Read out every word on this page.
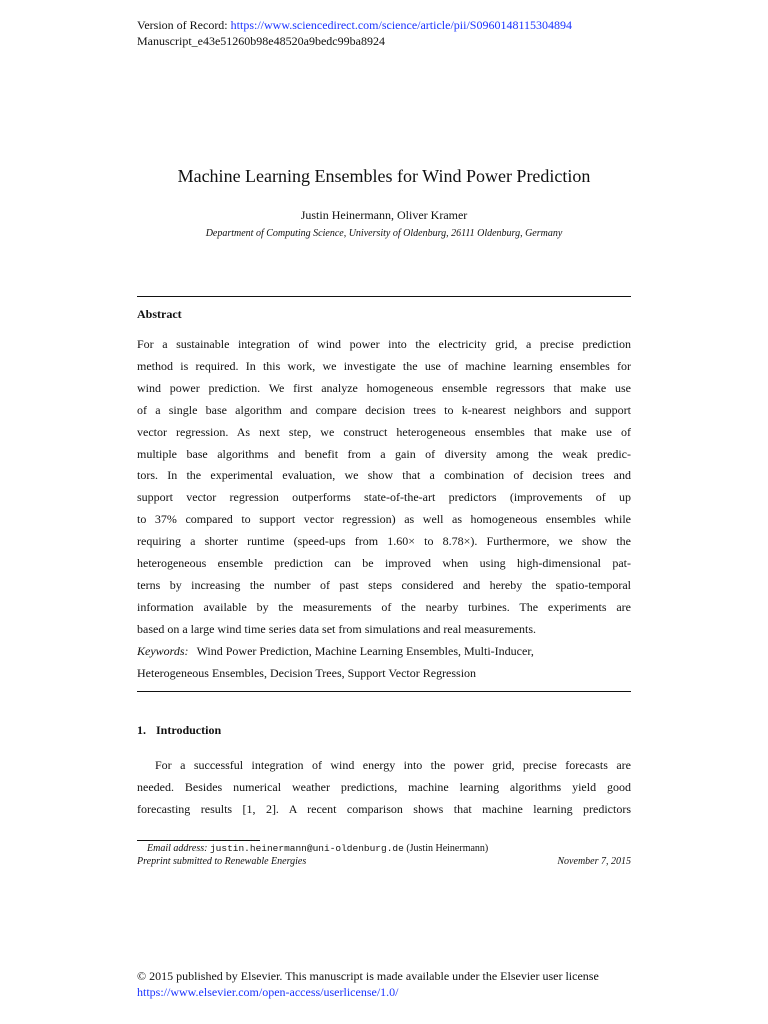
Version of Record: https://www.sciencedirect.com/science/article/pii/S0960148115304894
Manuscript_e43e51260b98e48520a9bedc99ba8924
Machine Learning Ensembles for Wind Power Prediction
Justin Heinermann, Oliver Kramer
Department of Computing Science, University of Oldenburg, 26111 Oldenburg, Germany
Abstract
For a sustainable integration of wind power into the electricity grid, a precise prediction
method is required. In this work, we investigate the use of machine learning ensembles for
wind power prediction. We first analyze homogeneous ensemble regressors that make use
of a single base algorithm and compare decision trees to k-nearest neighbors and support
vector regression. As next step, we construct heterogeneous ensembles that make use of
multiple base algorithms and benefit from a gain of diversity among the weak predic-
tors. In the experimental evaluation, we show that a combination of decision trees and
support vector regression outperforms state-of-the-art predictors (improvements of up
to 37% compared to support vector regression) as well as homogeneous ensembles while
requiring a shorter runtime (speed-ups from 1.60× to 8.78×). Furthermore, we show the
heterogeneous ensemble prediction can be improved when using high-dimensional pat-
terns by increasing the number of past steps considered and hereby the spatio-temporal
information available by the measurements of the nearby turbines. The experiments are
based on a large wind time series data set from simulations and real measurements.
Keywords: Wind Power Prediction, Machine Learning Ensembles, Multi-Inducer,
Heterogeneous Ensembles, Decision Trees, Support Vector Regression
1. Introduction
For a successful integration of wind energy into the power grid, precise forecasts are
needed. Besides numerical weather predictions, machine learning algorithms yield good
forecasting results [1, 2]. A recent comparison shows that machine learning predictors
Email address: justin.heinermann@uni-oldenburg.de (Justin Heinermann)
Preprint submitted to Renewable Energies	November 7, 2015
© 2015 published by Elsevier. This manuscript is made available under the Elsevier user license
https://www.elsevier.com/open-access/userlicense/1.0/
